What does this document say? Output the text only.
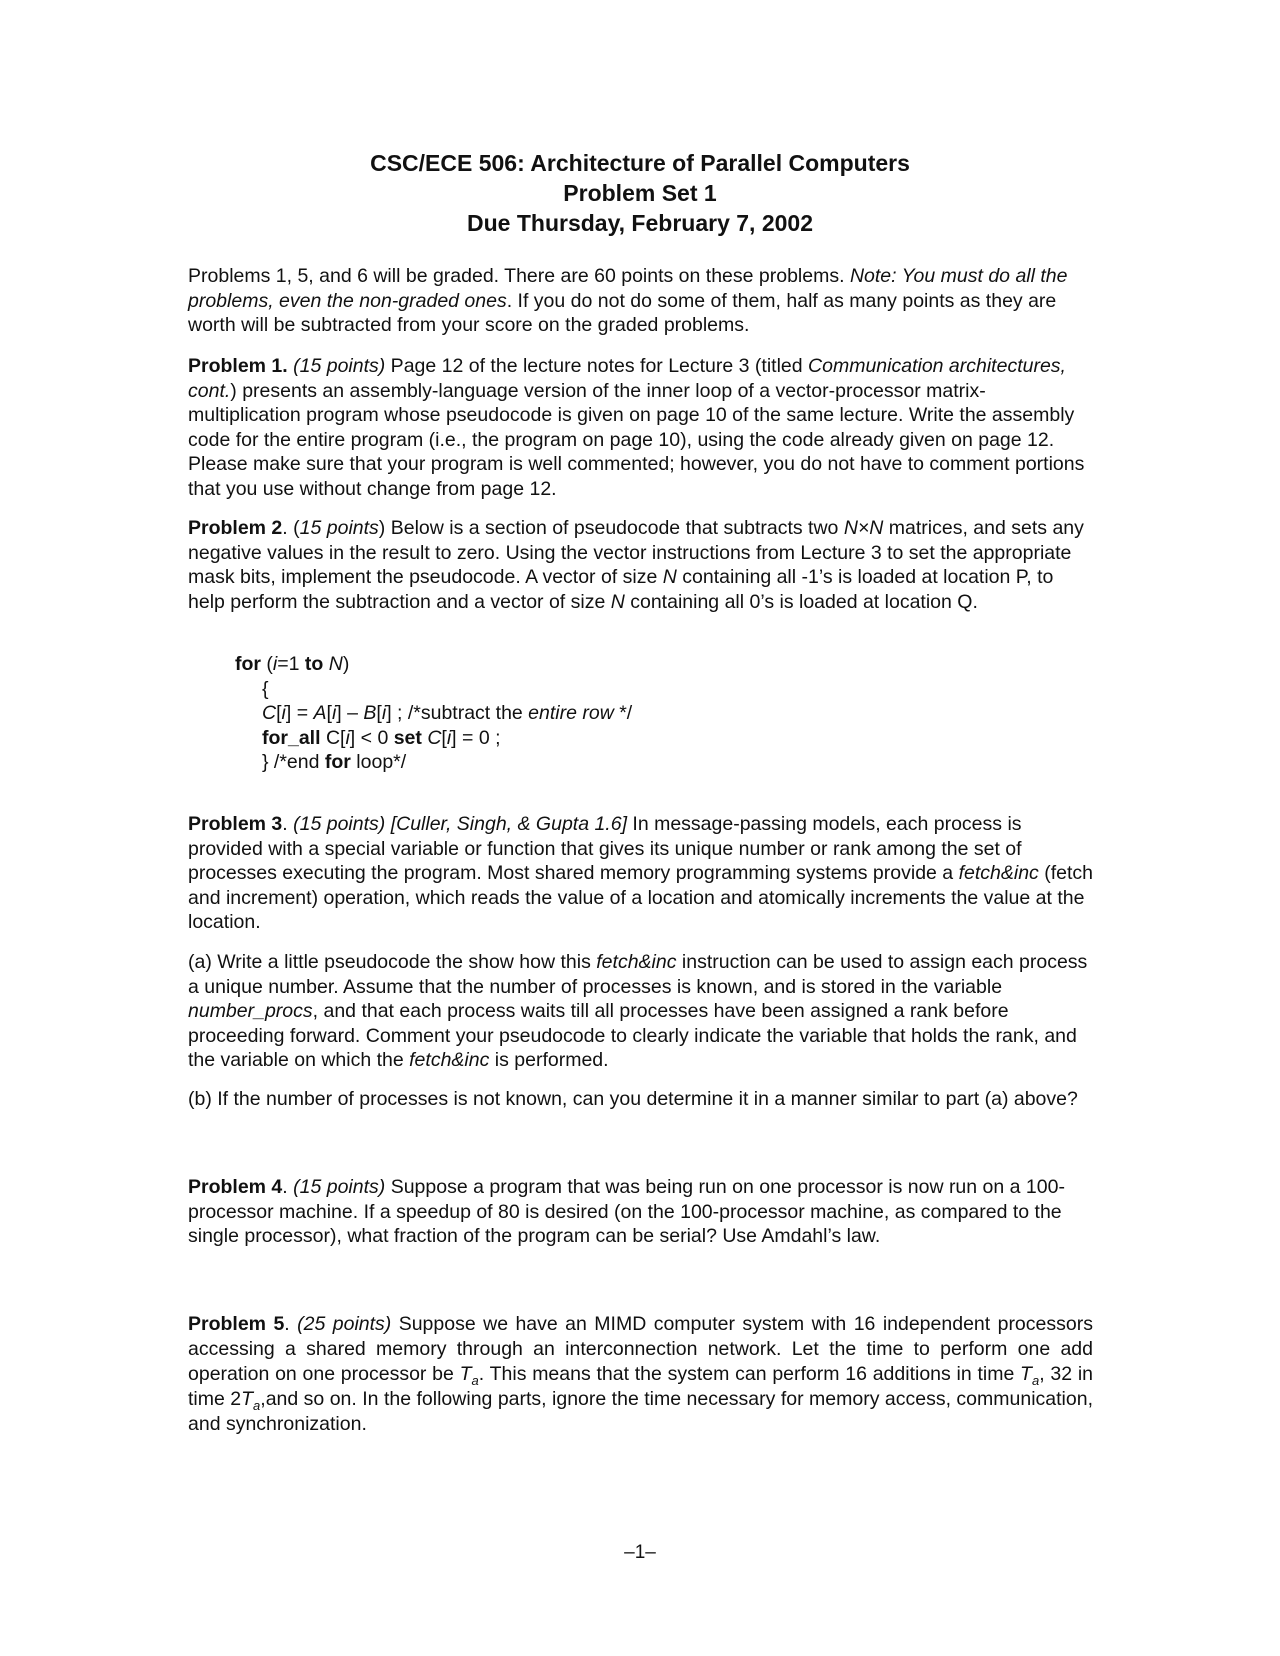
CSC/ECE 506: Architecture of Parallel Computers
Problem Set 1
Due Thursday, February 7, 2002

Problems 1, 5, and 6 will be graded. There are 60 points on these problems. Note: You must do all the problems, even the non-graded ones. If you do not do some of them, half as many points as they are worth will be subtracted from your score on the graded problems.

Problem 1. (15 points) Page 12 of the lecture notes for Lecture 3 (titled Communication architectures, cont.) presents an assembly-language version of the inner loop of a vector-processor matrix-multiplication program whose pseudocode is given on page 10 of the same lecture. Write the assembly code for the entire program (i.e., the program on page 10), using the code already given on page 12. Please make sure that your program is well commented; however, you do not have to comment portions that you use without change from page 12.

Problem 2. (15 points) Below is a section of pseudocode that subtracts two N×N matrices, and sets any negative values in the result to zero. Using the vector instructions from Lecture 3 to set the appropriate mask bits, implement the pseudocode. A vector of size N containing all -1’s is loaded at location P, to help perform the subtraction and a vector of size N containing all 0’s is loaded at location Q.

for (i=1 to N)
{
C[i] = A[i] – B[i] ; /*subtract the entire row */
for_all C[i] < 0 set C[i] = 0 ;
} /*end for loop*/

Problem 3. (15 points) [Culler, Singh, & Gupta 1.6] In message-passing models, each process is provided with a special variable or function that gives its unique number or rank among the set of processes executing the program. Most shared memory programming systems provide a fetch&inc (fetch and increment) operation, which reads the value of a location and atomically increments the value at the location.

(a) Write a little pseudocode the show how this fetch&inc instruction can be used to assign each process a unique number. Assume that the number of processes is known, and is stored in the variable number_procs, and that each process waits till all processes have been assigned a rank before proceeding forward. Comment your pseudocode to clearly indicate the variable that holds the rank, and the variable on which the fetch&inc is performed.

(b) If the number of processes is not known, can you determine it in a manner similar to part (a) above?

Problem 4. (15 points) Suppose a program that was being run on one processor is now run on a 100-processor machine. If a speedup of 80 is desired (on the 100-processor machine, as compared to the single processor), what fraction of the program can be serial? Use Amdahl’s law.

Problem 5. (25 points) Suppose we have an MIMD computer system with 16 independent processors accessing a shared memory through an interconnection network. Let the time to perform one add operation on one processor be $T_a$. This means that the system can perform 16 additions in time $T_a$, 32 in time $2T_a,and$ so on. In the following parts, ignore the time necessary for memory access, communication, and synchronization.

–1–
